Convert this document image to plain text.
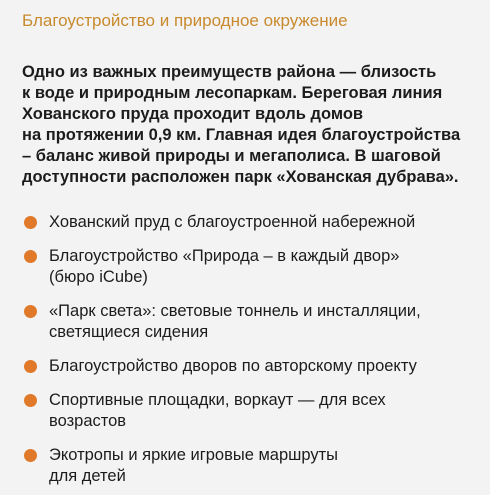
Благоустройство и природное окружение
Одно из важных преимуществ района — близость
к воде и природным лесопаркам. Береговая линия
Хованского пруда проходит вдоль домов
на протяжении 0,9 км. Главная идея благоустройства
– баланс живой природы и мегаполиса. В шаговой
доступности расположен парк «Хованская дубрава».
Хованский пруд с благоустроенной набережной
Благоустройство «Природа – в каждый двор»
(бюро iCube)
«Парк света»: световые тоннель и инсталляции,
светящиеся сидения
Благоустройство дворов по авторскому проекту
Спортивные площадки, воркаут — для всех
возрастов
Экотропы и яркие игровые маршруты
для детей
